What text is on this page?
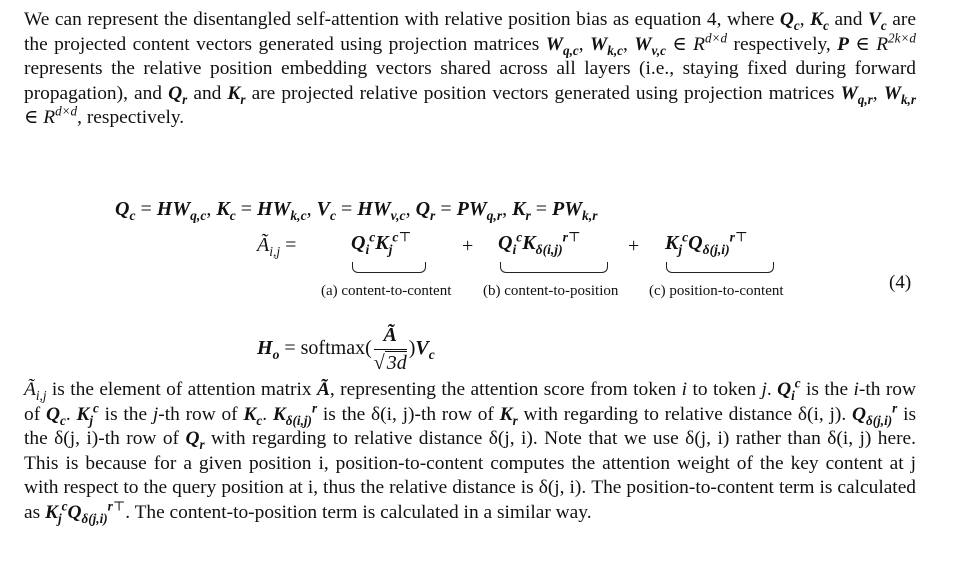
We can represent the disentangled self-attention with relative position bias as equation 4, where $Q_c$, $K_c$ and $V_c$ are the projected content vectors generated using projection matrices $W_{q,c}$, $W_{k,c}$, $W_{v,c}$ ∈ $R^{d\times d}$ respectively, P ∈ $R^{2k\times d}$ represents the relative position embedding vectors shared across all layers (i.e., staying fixed during forward propagation), and $Q_r$ and $K_r$ are projected relative position vectors generated using projection matrices $W_{q,r}$, $W_{k,r}$ ∈ $R^{d\times d}$, respectively.

$Q_c = HW_{q,c}$, $K_c = HW_{k,c}$, $V_c = HW_{v,c}$, $Q_r = PW_{q,r}$, $K_r = PW_{k,r}$
$Ã_{i,j}$ =	$Q_i^cK_j^{c⊤}$	+ $Q_i^cK_{\delta(i,j)}^{r⊤} + K_j^cQ_{\delta(j,i)}^{r⊤}$
(a) content-to-content (b) content-to-position (c) position-to-content	(4)
$H_o$ = softmax( $\frac{Ã}{√ 3d} )V_c$

$Ã_{i,j}$ is the element of attention matrix Ã, representing the attention score from token i to token j. $Q_i^c$ is the i-th row of $Q_c$. $K_j^c$ is the j-th row of $K_c$. $K_{\delta(i,j)}^r$ is the δ(i, j)-th row of $K_r$ with regarding to relative distance δ(i, j). $Q_{\delta(j,i)}^r$ is the δ(j, i)-th row of $Q_r$ with regarding to relative distance δ(j, i). Note that we use δ(j, i) rather than δ(i, j) here. This is because for a given position i, position-to-content computes the attention weight of the key content at j with respect to the query position at i, thus the relative distance is δ(j, i). The position-to-content term is calculated as $K_j^cQ_{\delta(j,i)}^{r⊤}$. The content-to-position term is calculated in a similar way.
